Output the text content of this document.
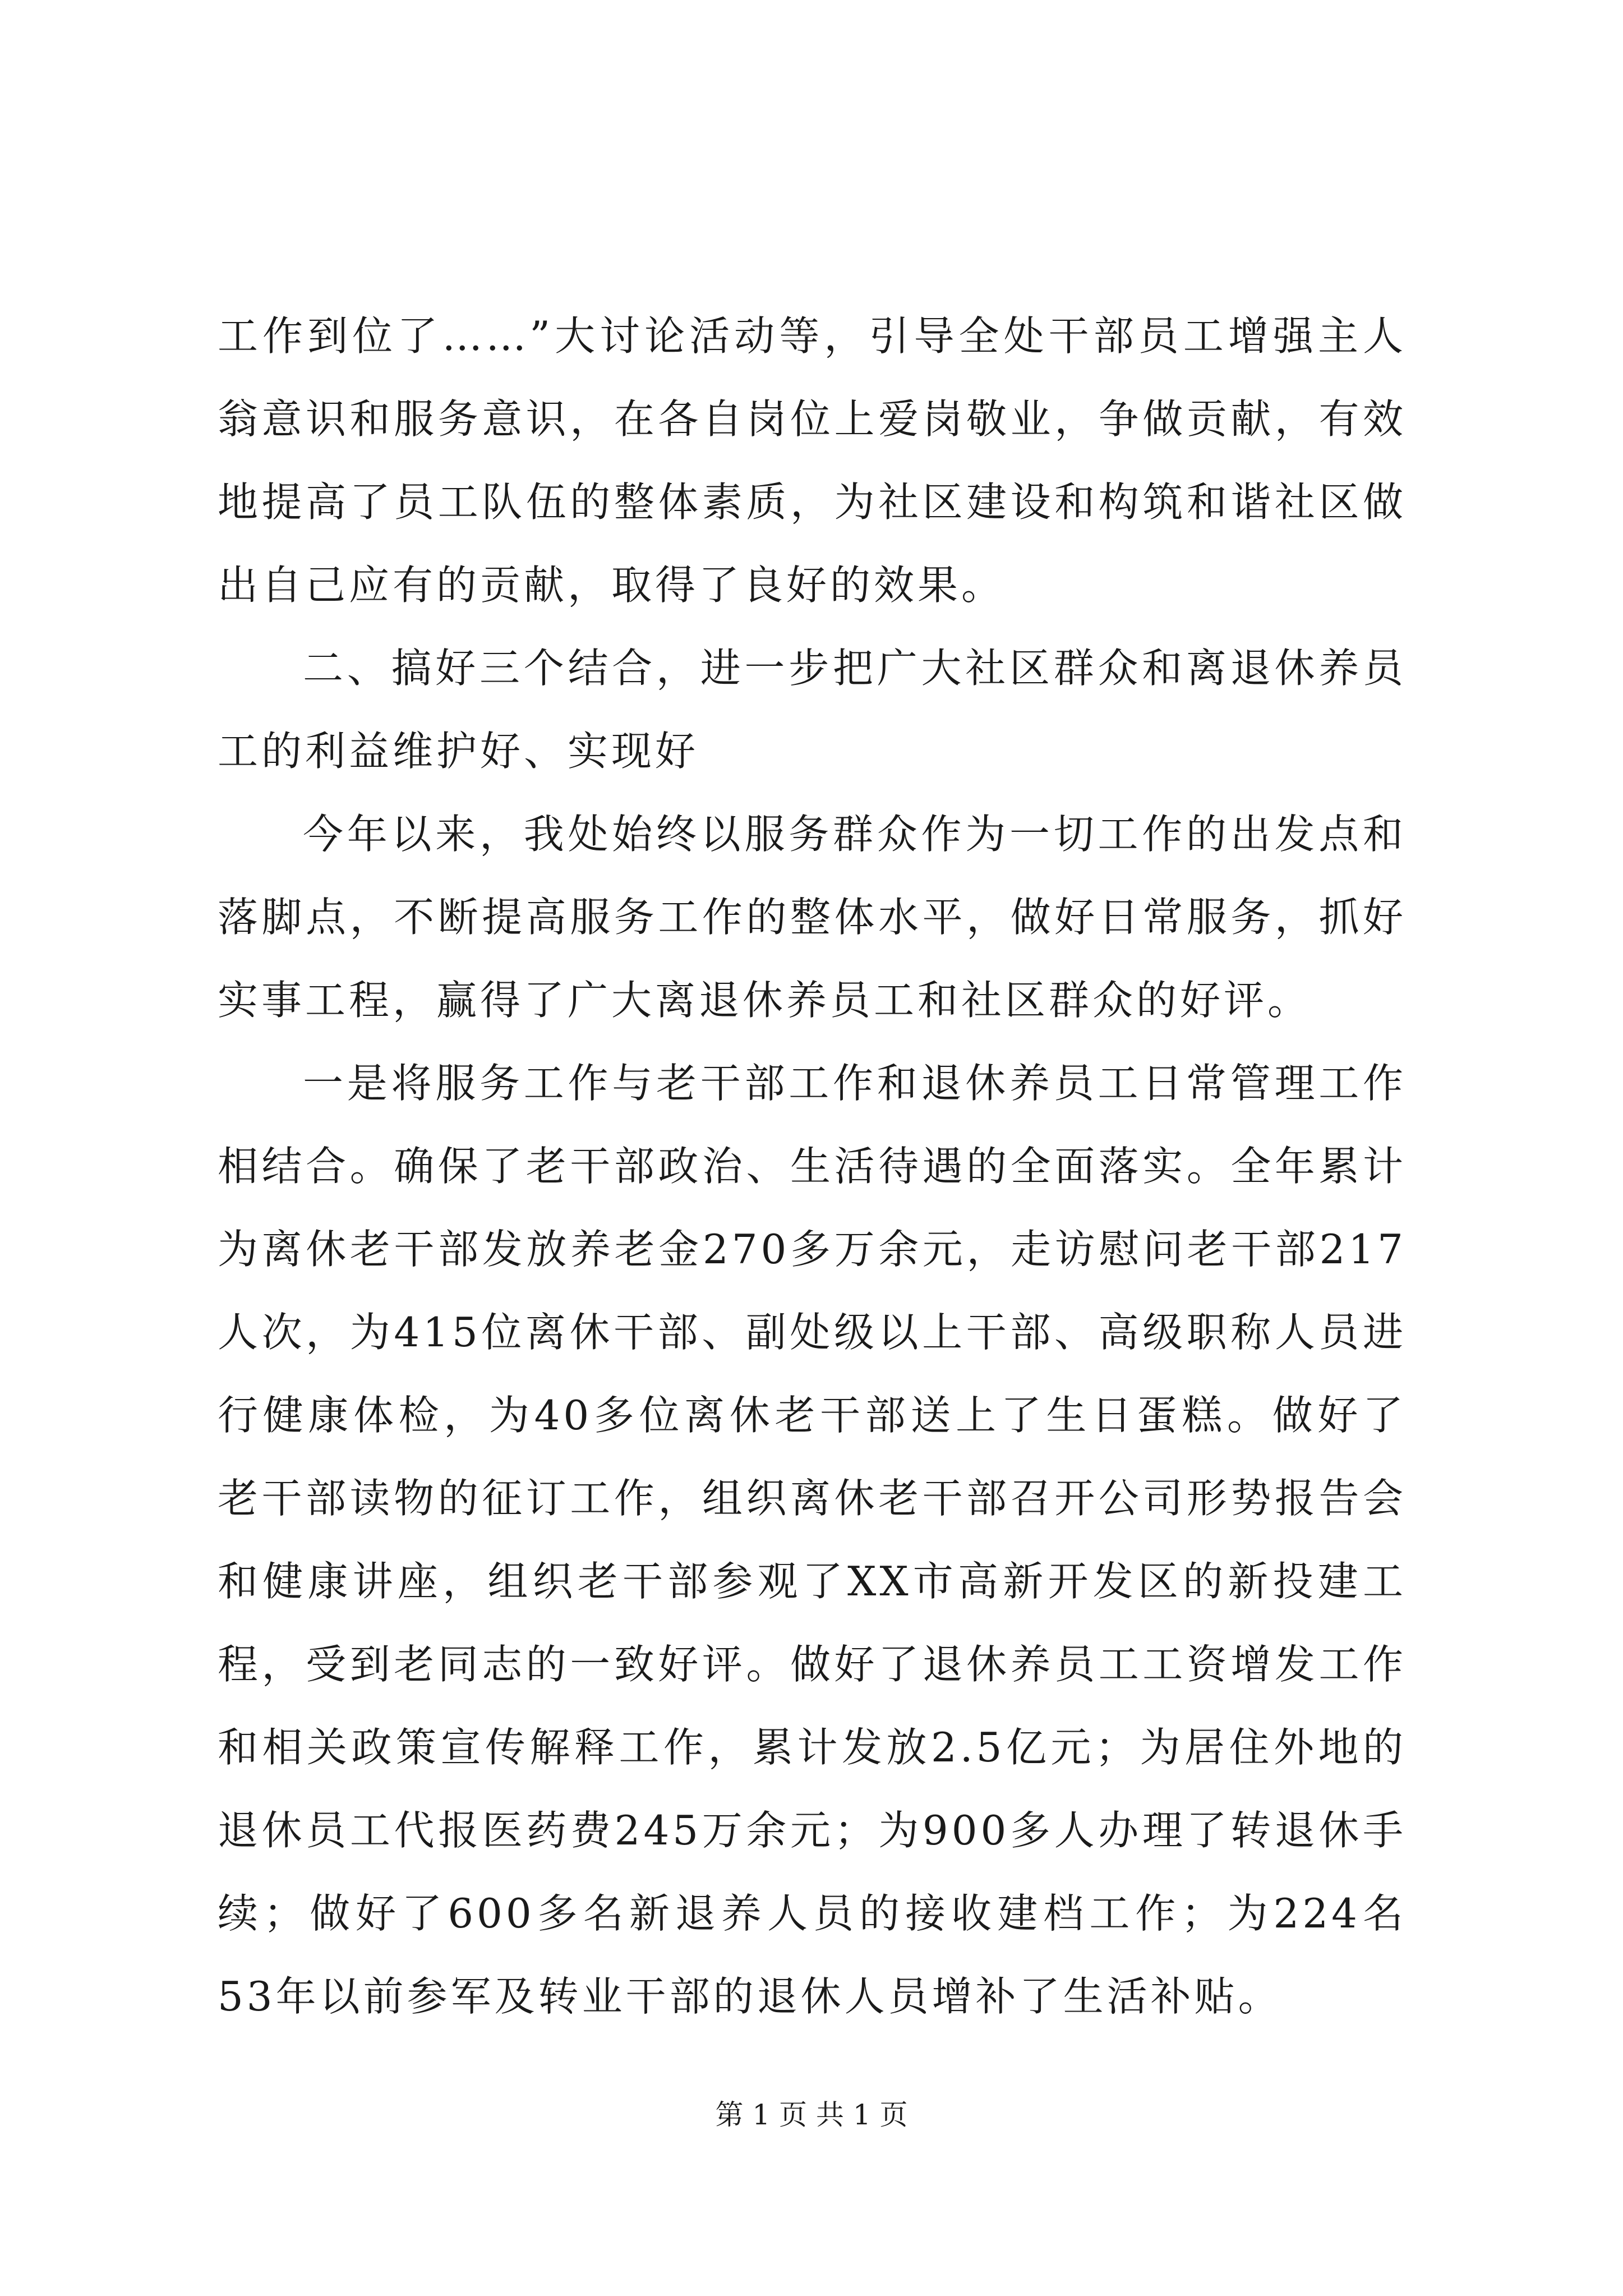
工作到位了……”大讨论活动等，引导全处干部员工增强主人翁意识和服务意识，在各自岗位上爱岗敬业，争做贡献，有效地提高了员工队伍的整体素质，为社区建设和构筑和谐社区做出自己应有的贡献，取得了良好的效果。

二、搞好三个结合，进一步把广大社区群众和离退休养员工的利益维护好、实现好

今年以来，我处始终以服务群众作为一切工作的出发点和落脚点，不断提高服务工作的整体水平，做好日常服务，抓好实事工程，赢得了广大离退休养员工和社区群众的好评。

一是将服务工作与老干部工作和退休养员工日常管理工作相结合。确保了老干部政治、生活待遇的全面落实。全年累计为离休老干部发放养老金270多万余元，走访慰问老干部217人次，为415位离休干部、副处级以上干部、高级职称人员进行健康体检，为40多位离休老干部送上了生日蛋糕。做好了老干部读物的征订工作，组织离休老干部召开公司形势报告会和健康讲座，组织老干部参观了XX市高新开发区的新投建工程，受到老同志的一致好评。做好了退休养员工工资增发工作和相关政策宣传解释工作，累计发放2.5亿元；为居住外地的退休员工代报医药费245万余元；为900多人办理了转退休手续；做好了600多名新退养人员的接收建档工作；为224名53年以前参军及转业干部的退休人员增补了生活补贴。

第 1 页 共 1 页
